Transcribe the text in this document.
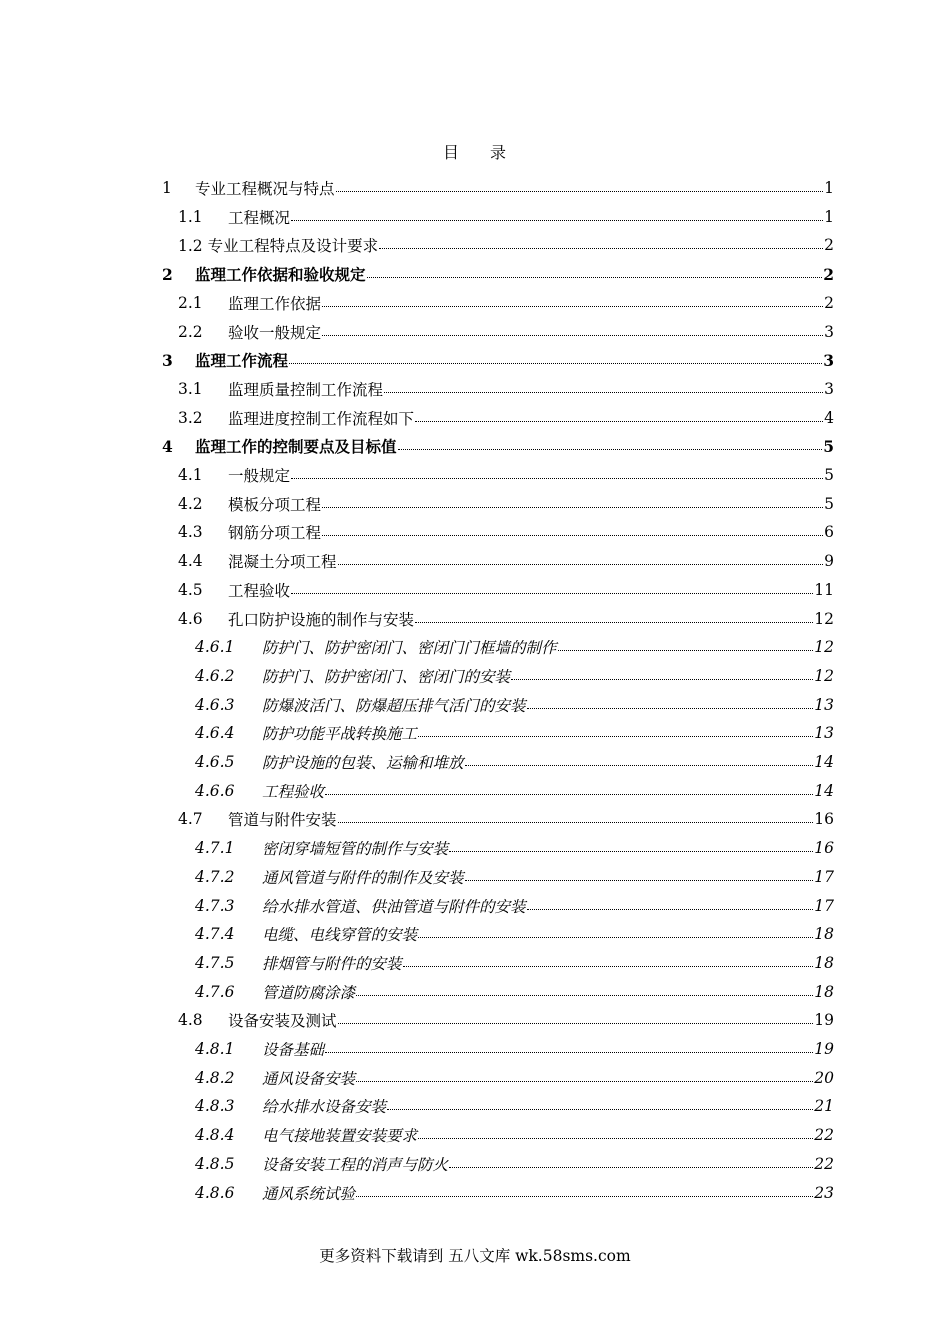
目 录
1	专业工程概况与特点	1
1.1	工程概况	1
1.2 专业工程特点及设计要求	2
2	监理工作依据和验收规定	2
2.1	监理工作依据	2
2.2	验收一般规定	3
3	监理工作流程	3
3.1	监理质量控制工作流程	3
3.2	监理进度控制工作流程如下	4
4	监理工作的控制要点及目标值	5
4.1	一般规定	5
4.2	模板分项工程	5
4.3	钢筋分项工程	6
4.4	混凝土分项工程	9
4.5	工程验收	11
4.6	孔口防护设施的制作与安装	12
4.6.1	防护门、防护密闭门、密闭门门框墙的制作	12
4.6.2	防护门、防护密闭门、密闭门的安装	12
4.6.3	防爆波活门、防爆超压排气活门的安装	13
4.6.4	防护功能平战转换施工	13
4.6.5	防护设施的包装、运输和堆放	14
4.6.6	工程验收	14
4.7	管道与附件安装	16
4.7.1	密闭穿墙短管的制作与安装	16
4.7.2	通风管道与附件的制作及安装	17
4.7.3	给水排水管道、供油管道与附件的安装	17
4.7.4	电缆、电线穿管的安装	18
4.7.5	排烟管与附件的安装	18
4.7.6	管道防腐涂漆	18
4.8	设备安装及测试	19
4.8.1	设备基础	19
4.8.2	通风设备安装	20
4.8.3	给水排水设备安装	21
4.8.4	电气接地装置安装要求	22
4.8.5	设备安装工程的消声与防火	22
4.8.6	通风系统试验	23
更多资料下载请到 五八文库 wk.58sms.com
